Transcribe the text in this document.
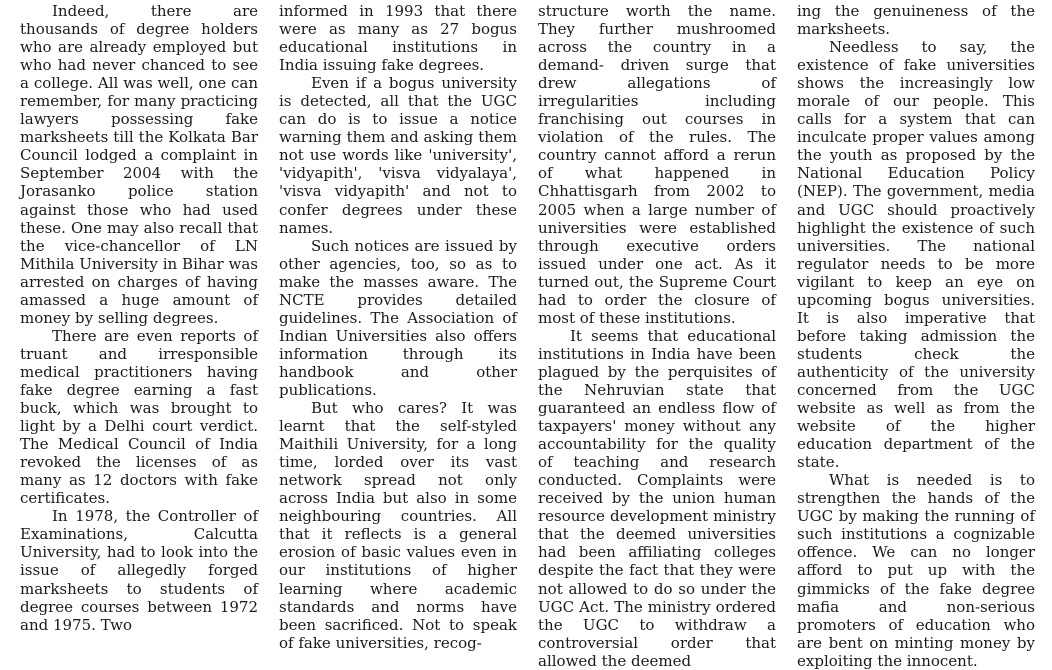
Indeed, there are thousands of degree holders who are already employed but who had never chanced to see a college. All was well, one can remember, for many practicing lawyers possessing fake marksheets till the Kolkata Bar Council lodged a complaint in September 2004 with the Jorasanko police station against those who had used these. One may also recall that the vice-chancellor of LN Mithila University in Bihar was arrested on charges of having amassed a huge amount of money by selling degrees.

There are even reports of truant and irresponsible medical practitioners having fake degree earning a fast buck, which was brought to light by a Delhi court verdict. The Medical Council of India revoked the licenses of as many as 12 doctors with fake certificates.

In 1978, the Controller of Examinations, Calcutta University, had to look into the issue of allegedly forged marksheets to students of degree courses between 1972 and 1975. Two

informed in 1993 that there were as many as 27 bogus educational institutions in India issuing fake degrees.

Even if a bogus university is detected, all that the UGC can do is to issue a notice warning them and asking them not use words like 'university', 'vidyapith', 'visva vidyalaya', 'visva vidyapith' and not to confer degrees under these names.

Such notices are issued by other agencies, too, so as to make the masses aware. The NCTE provides detailed guidelines. The Association of Indian Universities also offers information through its handbook and other publications.

But who cares? It was learnt that the self-styled Maithili University, for a long time, lorded over its vast network spread not only across India but also in some neighbouring countries. All that it reflects is a general erosion of basic values even in our institutions of higher learning where academic standards and norms have been sacrificed. Not to speak of fake universities, recog-

structure worth the name. They further mushroomed across the country in a demand- driven surge that drew allegations of irregularities including franchising out courses in violation of the rules. The country cannot afford a rerun of what happened in Chhattisgarh from 2002 to 2005 when a large number of universities were established through executive orders issued under one act. As it turned out, the Supreme Court had to order the closure of most of these institutions.

It seems that educational institutions in India have been plagued by the perquisites of the Nehruvian state that guaranteed an endless flow of taxpayers' money without any accountability for the quality of teaching and research conducted. Complaints were received by the union human resource development ministry that the deemed universities had been affiliating colleges despite the fact that they were not allowed to do so under the UGC Act. The ministry ordered the UGC to withdraw a controversial order that allowed the deemed

ing the genuineness of the marksheets.

Needless to say, the existence of fake universities shows the increasingly low morale of our people. This calls for a system that can inculcate proper values among the youth as proposed by the National Education Policy (NEP). The government, media and UGC should proactively highlight the existence of such universities. The national regulator needs to be more vigilant to keep an eye on upcoming bogus universities. It is also imperative that before taking admission the students check the authenticity of the university concerned from the UGC website as well as from the website of the higher education department of the state.

What is needed is to strengthen the hands of the UGC by making the running of such institutions a cognizable offence. We can no longer afford to put up with the gimmicks of the fake degree mafia and non-serious promoters of education who are bent on minting money by exploiting the innocent.
